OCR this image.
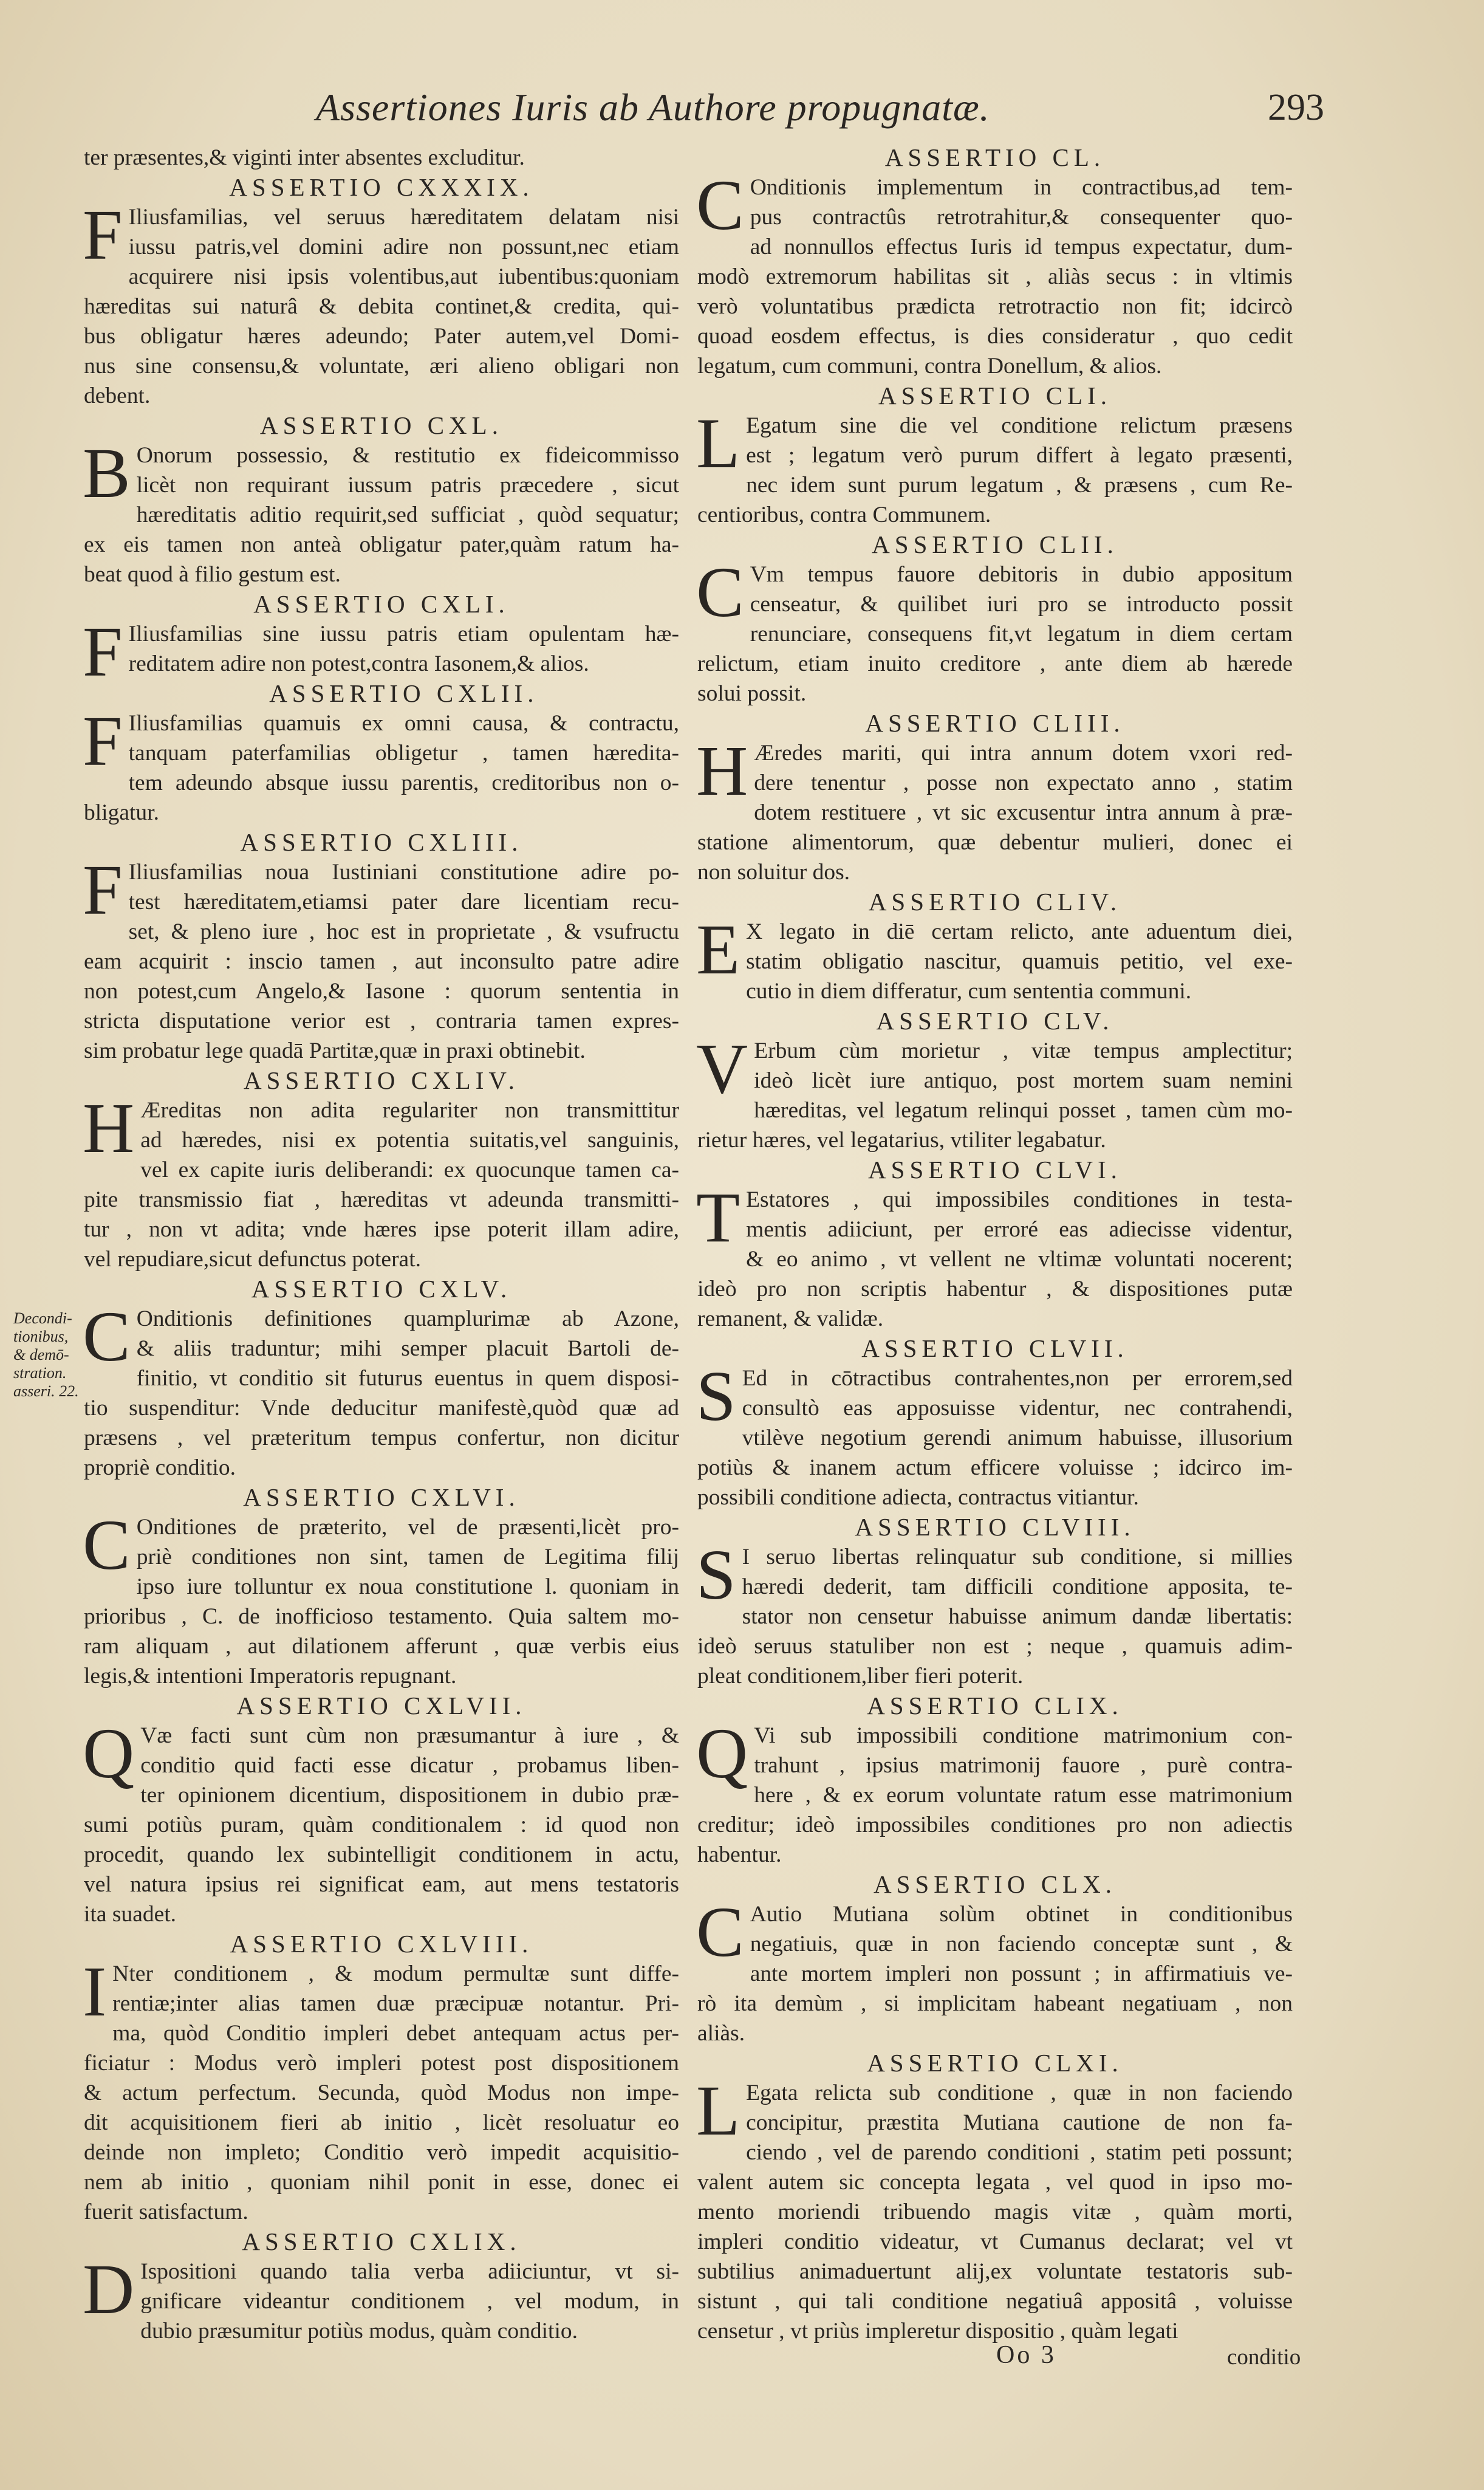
Assertiones Iuris ab Authore propugnatæ.	293
ter præsentes,& viginti inter absentes excluditur.
ASSERTIO CXXXIX.
F Iliusfamilias, vel seruus hæreditatem delatam nisi
iussu patris,vel domini adire non possunt,nec etiam
acquirere nisi ipsis volentibus,aut iubentibus:quoniam
hæreditas sui naturâ & debita continet,& credita, qui-
bus obligatur hæres adeundo; Pater autem,vel Domi-
nus sine consensu,& voluntate, æri alieno obligari non
debent.
ASSERTIO CXL.
B Onorum possessio, & restitutio ex fideicommisso
licèt non requirant iussum patris præcedere , sicut
hæreditatis aditio requirit,sed sufficiat , quòd sequatur;
ex eis tamen non anteà obligatur pater,quàm ratum ha-
beat quod à filio gestum est.
ASSERTIO CXLI.
F Iliusfamilias sine iussu patris etiam opulentam hæ-
reditatem adire non potest,contra Iasonem,& alios.
ASSERTIO CXLII.
F Iliusfamilias quamuis ex omni causa, & contractu,
tanquam paterfamilias obligetur , tamen hæredita-
tem adeundo absque iussu parentis, creditoribus non o-
bligatur.
ASSERTIO CXLIII.
F Iliusfamilias noua Iustiniani constitutione adire po-
test hæreditatem,etiamsi pater dare licentiam recu-
set, & pleno iure , hoc est in proprietate , & vsufructu
eam acquirit : inscio tamen , aut inconsulto patre adire
non potest,cum Angelo,& Iasone : quorum sententia in
stricta disputatione verior est , contraria tamen expres-
sim probatur lege quadā Partitæ,quæ in praxi obtinebit.
ASSERTIO CXLIV.
H Æreditas non adita regulariter non transmittitur
ad hæredes, nisi ex potentia suitatis,vel sanguinis,
vel ex capite iuris deliberandi: ex quocunque tamen ca-
pite transmissio fiat , hæreditas vt adeunda transmitti-
tur , non vt adita; vnde hæres ipse poterit illam adire,
vel repudiare,sicut defunctus poterat.
ASSERTIO CXLV.
C Onditionis definitiones quamplurimæ ab Azone,
& aliis traduntur; mihi semper placuit Bartoli de-
finitio, vt conditio sit futurus euentus in quem disposi-
tio suspenditur: Vnde deducitur manifestè,quòd quæ ad
præsens , vel præteritum tempus confertur, non dicitur
propriè conditio.
ASSERTIO CXLVI.
C Onditiones de præterito, vel de præsenti,licèt pro-
priè conditiones non sint, tamen de Legitima filij
ipso iure tolluntur ex noua constitutione l. quoniam in
prioribus , C. de inofficioso testamento. Quia saltem mo-
ram aliquam , aut dilationem afferunt , quæ verbis eius
legis,& intentioni Imperatoris repugnant.
ASSERTIO CXLVII.
Q Væ facti sunt cùm non præsumantur à iure , &
conditio quid facti esse dicatur , probamus liben-
ter opinionem dicentium, dispositionem in dubio præ-
sumi potiùs puram, quàm conditionalem : id quod non
procedit, quando lex subintelligit conditionem in actu,
vel natura ipsius rei significat eam, aut mens testatoris
ita suadet.
ASSERTIO CXLVIII.
I Nter conditionem , & modum permultæ sunt diffe-
rentiæ;inter alias tamen duæ præcipuæ notantur. Pri-
ma, quòd Conditio impleri debet antequam actus per-
ficiatur : Modus verò impleri potest post dispositionem
& actum perfectum. Secunda, quòd Modus non impe-
dit acquisitionem fieri ab initio , licèt resoluatur eo
deinde non impleto; Conditio verò impedit acquisitio-
nem ab initio , quoniam nihil ponit in esse, donec ei
fuerit satisfactum.
ASSERTIO CXLIX.
D Ispositioni quando talia verba adiiciuntur, vt si-
gnificare videantur conditionem , vel modum, in
dubio præsumitur potiùs modus, quàm conditio.
ASSERTIO CL.
C Onditionis implementum in contractibus,ad tem-
pus contractûs retrotrahitur,& consequenter quo-
ad nonnullos effectus Iuris id tempus expectatur, dum-
modò extremorum habilitas sit , aliàs secus : in vltimis
verò voluntatibus prædicta retrotractio non fit; idcircò
quoad eosdem effectus, is dies consideratur , quo cedit
legatum, cum communi, contra Donellum, & alios.
ASSERTIO CLI.
L Egatum sine die vel conditione relictum præsens
est ; legatum verò purum differt à legato præsenti,
nec idem sunt purum legatum , & præsens , cum Re-
centioribus, contra Communem.
ASSERTIO CLII.
C Vm tempus fauore debitoris in dubio appositum
censeatur, & quilibet iuri pro se introducto possit
renunciare, consequens fit,vt legatum in diem certam
relictum, etiam inuito creditore , ante diem ab hærede
solui possit.
ASSERTIO CLIII.
H Æredes mariti, qui intra annum dotem vxori red-
dere tenentur , posse non expectato anno , statim
dotem restituere , vt sic excusentur intra annum à præ-
statione alimentorum, quæ debentur mulieri, donec ei
non soluitur dos.
ASSERTIO CLIV.
E X legato in diē certam relicto, ante aduentum diei,
statim obligatio nascitur, quamuis petitio, vel exe-
cutio in diem differatur, cum sententia communi.
ASSERTIO CLV.
V Erbum cùm morietur , vitæ tempus amplectitur;
ideò licèt iure antiquo, post mortem suam nemini
hæreditas, vel legatum relinqui posset , tamen cùm mo-
rietur hæres, vel legatarius, vtiliter legabatur.
ASSERTIO CLVI.
T Estatores , qui impossibiles conditiones in testa-
mentis adiiciunt, per erroré eas adiecisse videntur,
& eo animo , vt vellent ne vltimæ voluntati nocerent;
ideò pro non scriptis habentur , & dispositiones putæ
remanent, & validæ.
ASSERTIO CLVII.
S Ed in cōtractibus contrahentes,non per errorem,sed
consultò eas apposuisse videntur, nec contrahendi,
vtilève negotium gerendi animum habuisse, illusorium
potiùs & inanem actum efficere voluisse ; idcirco im-
possibili conditione adiecta, contractus vitiantur.
ASSERTIO CLVIII.
S I seruo libertas relinquatur sub conditione, si millies
hæredi dederit, tam difficili conditione apposita, te-
stator non censetur habuisse animum dandæ libertatis:
ideò seruus statuliber non est ; neque , quamuis adim-
pleat conditionem,liber fieri poterit.
ASSERTIO CLIX.
Q Vi sub impossibili conditione matrimonium con-
trahunt , ipsius matrimonij fauore , purè contra-
here , & ex eorum voluntate ratum esse matrimonium
creditur; ideò impossibiles conditiones pro non adiectis
habentur.
ASSERTIO CLX.
C Autio Mutiana solùm obtinet in conditionibus
negatiuis, quæ in non faciendo conceptæ sunt , &
ante mortem impleri non possunt ; in affirmatiuis ve-
rò ita demùm , si implicitam habeant negatiuam , non
aliàs.
ASSERTIO CLXI.
L Egata relicta sub conditione , quæ in non faciendo
concipitur, præstita Mutiana cautione de non fa-
ciendo , vel de parendo conditioni , statim peti possunt;
valent autem sic concepta legata , vel quod in ipso mo-
mento moriendi tribuendo magis vitæ , quàm morti,
impleri conditio videatur, vt Cumanus declarat; vel vt
subtilius animaduertunt alij,ex voluntate testatoris sub-
sistunt , qui tali conditione negatiuâ appositâ , voluisse
censetur , vt priùs impleretur dispositio , quàm legati
Decondi-
tionibus,
& demō-
stration.
asseri. 22.
Oo 3	conditio
